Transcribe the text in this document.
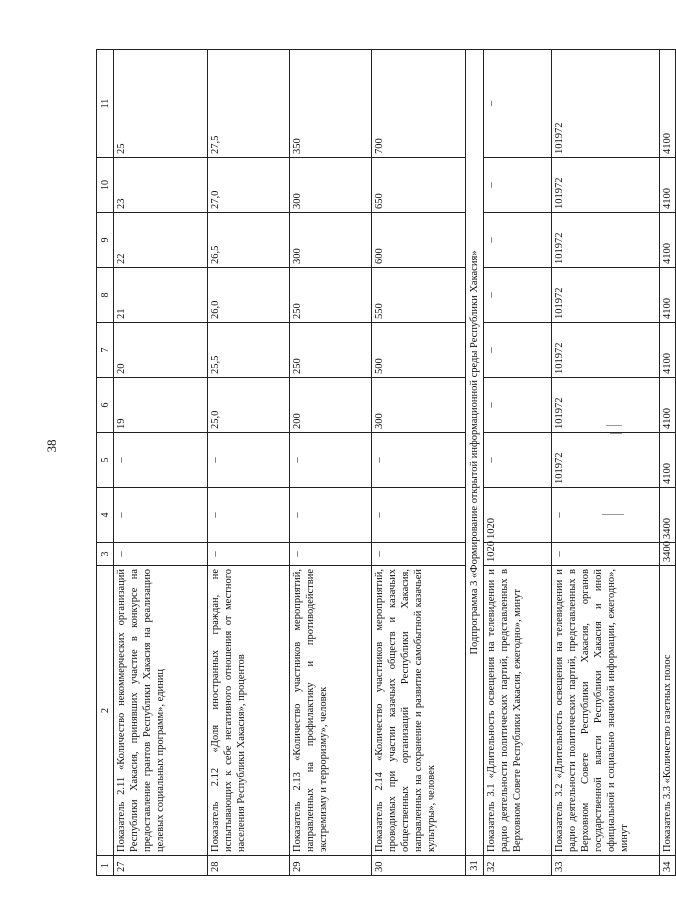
38
1	2	3	4	5	6	7	8	9	10	11
27	Показатель 2.11 «Количество некоммерческих организаций Республики Хакасия, принявших участие в конкурсе на предоставление грантов Республики Хакасия на реализацию целевых социальных программ», единиц	–	–	–	19	20	21	22	23	25
28	Показатель 2.12 «Доля иностранных граждан, не испытывающих к себе негативного отношения от местного населения Республики Хакасия», процентов	–	–	–	25,0	25,5	26,0	26,5	27,0	27,5
29	Показатель 2.13 «Количество участников мероприятий, направленных на профилактику и противодействие экстремизму и терроризму», человек	–	–	–	200	250	250	300	300	350
30	Показатель 2.14 «Количество участников мероприятий, проводимых при участии казачьих обществ и казачьих общественных организаций Республики Хакасия, направленных на сохранение и развитие самобытной казачьей культуры», человек	–	–	–	300	500	550	600	650	700
31	Подпрограмма 3 «Формирование открытой информационной среды Республики Хакасия»									
32	Показатель 3.1 «Длительность освещения на телевидении и радио деятельности политических партий, представленных в Верховном Совете Республики Хакасия, ежегодно», минут	1020	1020	–	–	–	–	–	–	–
33	Показатель 3.2 «Длительность освещения на телевидении и радио деятельности политических партий, представленных в Верховном Совете Республики Хакасия, органов государственной власти Республики Хакасия и иной официальной и социально значимой информации, ежегодно», минут	–	–	101972	101972	101972	101972	101972	101972	101972
34	Показатель 3.3 «Количество газетных полос	3400	3400	4100	4100	4100	4100	4100	4100	4100
